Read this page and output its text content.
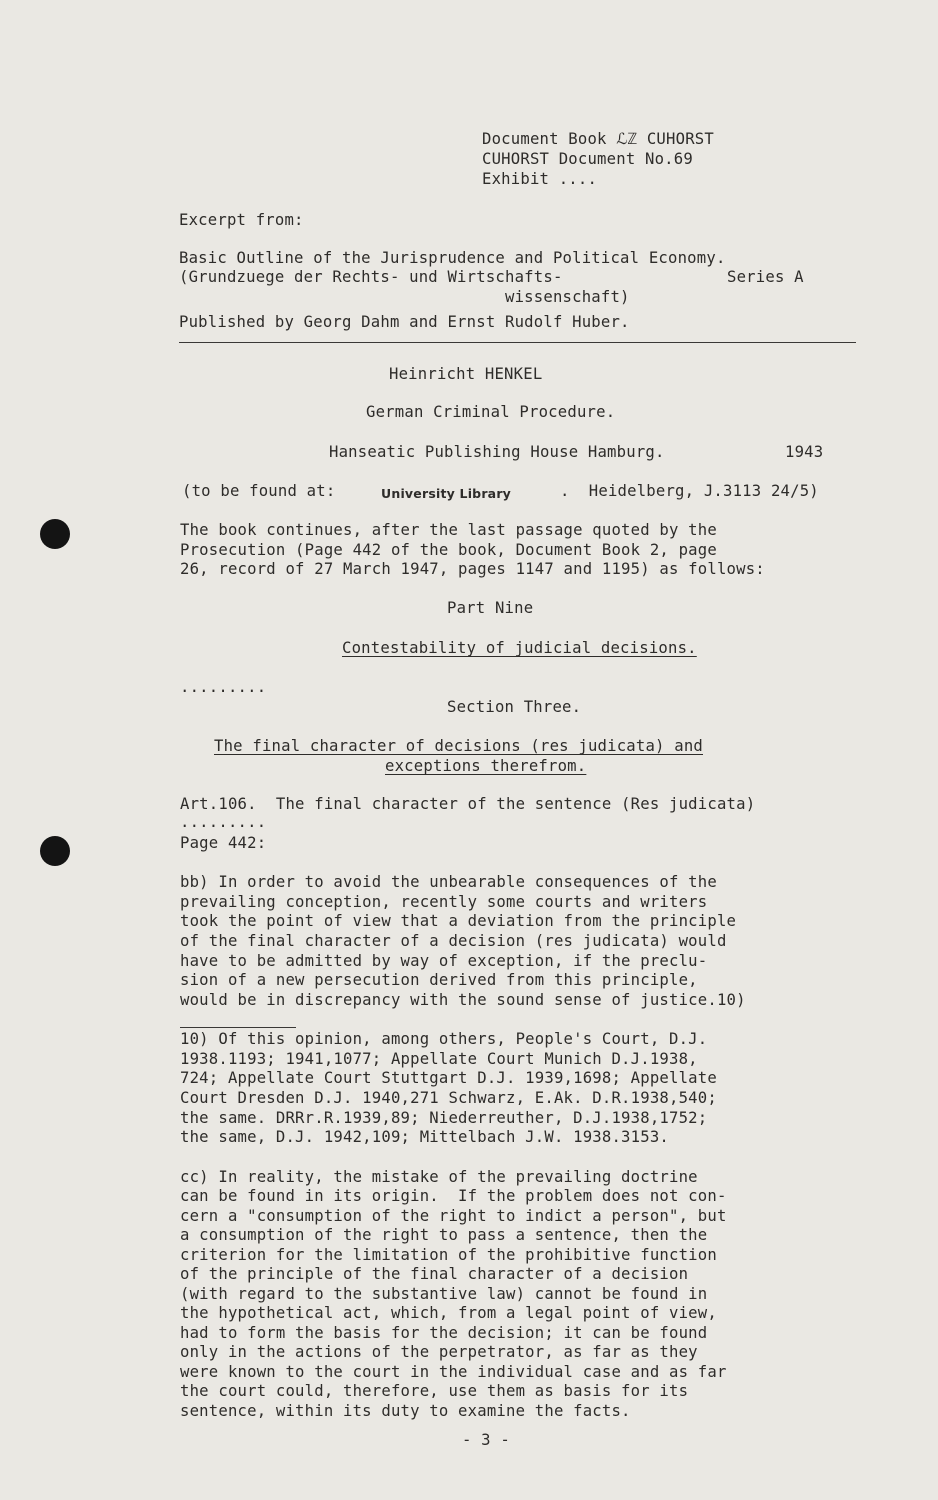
Document Book ℒℤ CUHORST
CUHORST Document No.69
Exhibit ....
Excerpt from:
Basic Outline of the Jurisprudence and Political Economy.
(Grundzuege der Rechts- und Wirtschafts-	Series A
wissenschaft)
Published by Georg Dahm and Ernst Rudolf Huber.
Heinricht HENKEL
German Criminal Procedure.
Hanseatic Publishing House Hamburg.	1943
(to be found at:	University Library	.  Heidelberg, J.3113 24/5)
The book continues, after the last passage quoted by the
Prosecution (Page 442 of the book, Document Book 2, page
26, record of 27 March 1947, pages 1147 and 1195) as follows:
Part Nine
Contestability of judicial decisions.
.........
Section Three.
The final character of decisions (res judicata) and
exceptions therefrom.
Art.106.  The final character of the sentence (Res judicata)
.........
Page 442:
bb) In order to avoid the unbearable consequences of the
prevailing conception, recently some courts and writers
took the point of view that a deviation from the principle
of the final character of a decision (res judicata) would
have to be admitted by way of exception, if the preclu-
sion of a new persecution derived from this principle,
would be in discrepancy with the sound sense of justice.10)
10) Of this opinion, among others, People's Court, D.J.
1938.1193; 1941,1077; Appellate Court Munich D.J.1938,
724; Appellate Court Stuttgart D.J. 1939,1698; Appellate
Court Dresden D.J. 1940,271 Schwarz, E.Ak. D.R.1938,540;
the same. DRRr.R.1939,89; Niederreuther, D.J.1938,1752;
the same, D.J. 1942,109; Mittelbach J.W. 1938.3153.
cc) In reality, the mistake of the prevailing doctrine
can be found in its origin.  If the problem does not con-
cern a "consumption of the right to indict a person", but
a consumption of the right to pass a sentence, then the
criterion for the limitation of the prohibitive function
of the principle of the final character of a decision
(with regard to the substantive law) cannot be found in
the hypothetical act, which, from a legal point of view,
had to form the basis for the decision; it can be found
only in the actions of the perpetrator, as far as they
were known to the court in the individual case and as far
the court could, therefore, use them as basis for its
sentence, within its duty to examine the facts.
- 3 -
